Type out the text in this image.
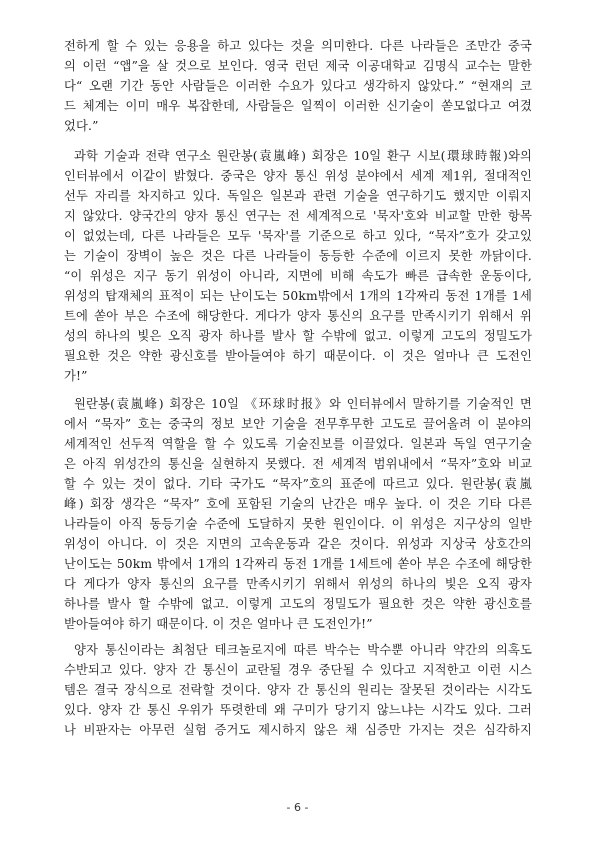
전하게 할 수 있는 응용을 하고 있다는 것을 의미한다. 다른 나라들은 조만간 중국
의 이런 “앱”을 살 것으로 보인다. 영국 런던 제국 이공대학교 김명식 교수는 말한
다“ 오랜 기간 동안 사람들은 이러한 수요가 있다고 생각하지 않았다.” “현재의 코
드 체계는 이미 매우 복잡한데, 사람들은 일찍이 이러한 신기술이 쏟모없다고 여겼
었다.”
과학 기술과 전략 연구소 원란봉(袁嵐峰) 회장은 10일 환구 시보(環球時報)와의
인터뷰에서 이같이 밝혔다. 중국은 양자 통신 위성 분야에서 세계 제1위, 절대적인
선두 자리를 차지하고 있다. 독일은 일본과 관련 기술을 연구하기도 했지만 이뤄지
지 않았다. 양국간의 양자 통신 연구는 전 세계적으로 '묵자'호와 비교할 만한 항목
이 없었는데, 다른 나라들은 모두 '묵자'를 기준으로 하고 있다, “묵자”호가 갖고있
는 기술이 장벽이 높은 것은 다른 나라들이 동등한 수준에 이르지 못한 까닭이다.
“이 위성은 지구 동기 위성이 아니라, 지면에 비해 속도가 빠른 급속한 운동이다,
위성의 탑재체의 표적이 되는 난이도는 50km밖에서 1개의 1각짜리 동전 1개를 1세
트에 쏟아 부은 수조에 해당한다. 게다가 양자 통신의 요구를 만족시키기 위해서 위
성의 하나의 빛은 오직 광자 하나를 발사 할 수밖에 없고. 이렇게 고도의 정밀도가
필요한 것은 약한 광신호를 받아들여야 하기 때문이다. 이 것은 얼마나 큰 도전인
가!”
원란봉(袁嵐峰) 회장은 10일 《环球时报》와 인터뷰에서 말하기를 기술적인 면
에서 “묵자” 호는 중국의 정보 보안 기술을 전무후무한 고도로 끌어올려 이 분야의
세계적인 선두적 역할을 할 수 있도록 기술진보를 이끌었다. 일본과 독일 연구기술
은 아직 위성간의 통신을 실현하지 못했다. 전 세계적 범위내에서 “묵자”호와 비교
할 수 있는 것이 없다. 기타 국가도 “묵자”호의 표준에 따르고 있다. 원란봉(袁嵐
峰) 회장 생각은 “묵자” 호에 포함된 기술의 난간은 매우 높다. 이 것은 기타 다른
나라들이 아직 동등기술 수준에 도달하지 못한 원인이다. 이 위성은 지구상의 일반
위성이 아니다. 이 것은 지면의 고속운동과 같은 것이다. 위성과 지상국 상호간의
난이도는 50km 밖에서 1개의 1각짜리 동전 1개를 1세트에 쏟아 부은 수조에 해당한
다 게다가 양자 통신의 요구를 만족시키기 위해서 위성의 하나의 빛은 오직 광자
하나를 발사 할 수밖에 없고. 이렇게 고도의 정밀도가 필요한 것은 약한 광신호를
받아들여야 하기 때문이다. 이 것은 얼마나 큰 도전인가!”
양자 통신이라는 최첨단 테크놀로지에 따른 박수는 박수뿐 아니라 약간의 의혹도
수반되고 있다. 양자 간 통신이 교란될 경우 중단될 수 있다고 지적한고 이런 시스
템은 결국 장식으로 전락할 것이다. 양자 간 통신의 원리는 잘못된 것이라는 시각도
있다. 양자 간 통신 우위가 뚜렷한데 왜 구미가 당기지 않느냐는 시각도 있다. 그러
나 비판자는 아무런 실험 증거도 제시하지 않은 채 심증만 가지는 것은 심각하지
- 6 -
